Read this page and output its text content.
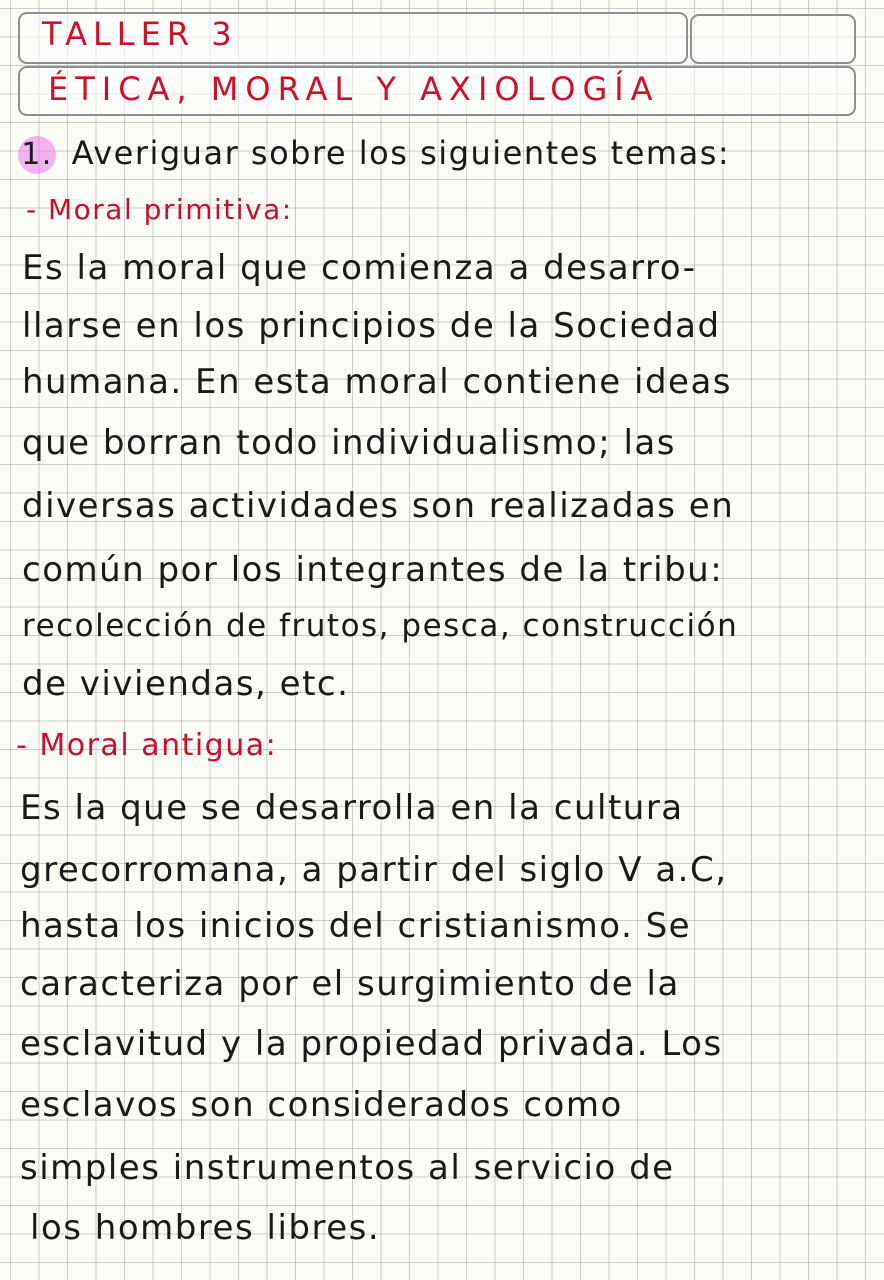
TALLER 3
ÉTICA, MORAL Y AXIOLOGÍA
1. Averiguar sobre los siguientes temas:
- Moral primitiva:
Es la moral que comienza a desarro-
llarse en los principios de la Sociedad
humana. En esta moral contiene ideas
que borran todo individualismo; las
diversas actividades son realizadas en
común por los integrantes de la tribu:
recolección de frutos, pesca, construcción
de viviendas, etc.
- Moral antigua:
Es la que se desarrolla en la cultura
grecorromana, a partir del siglo V a.C,
hasta los inicios del cristianismo. Se
caracteriza por el surgimiento de la
esclavitud y la propiedad privada. Los
esclavos son considerados como
simples instrumentos al servicio de
los hombres libres.
